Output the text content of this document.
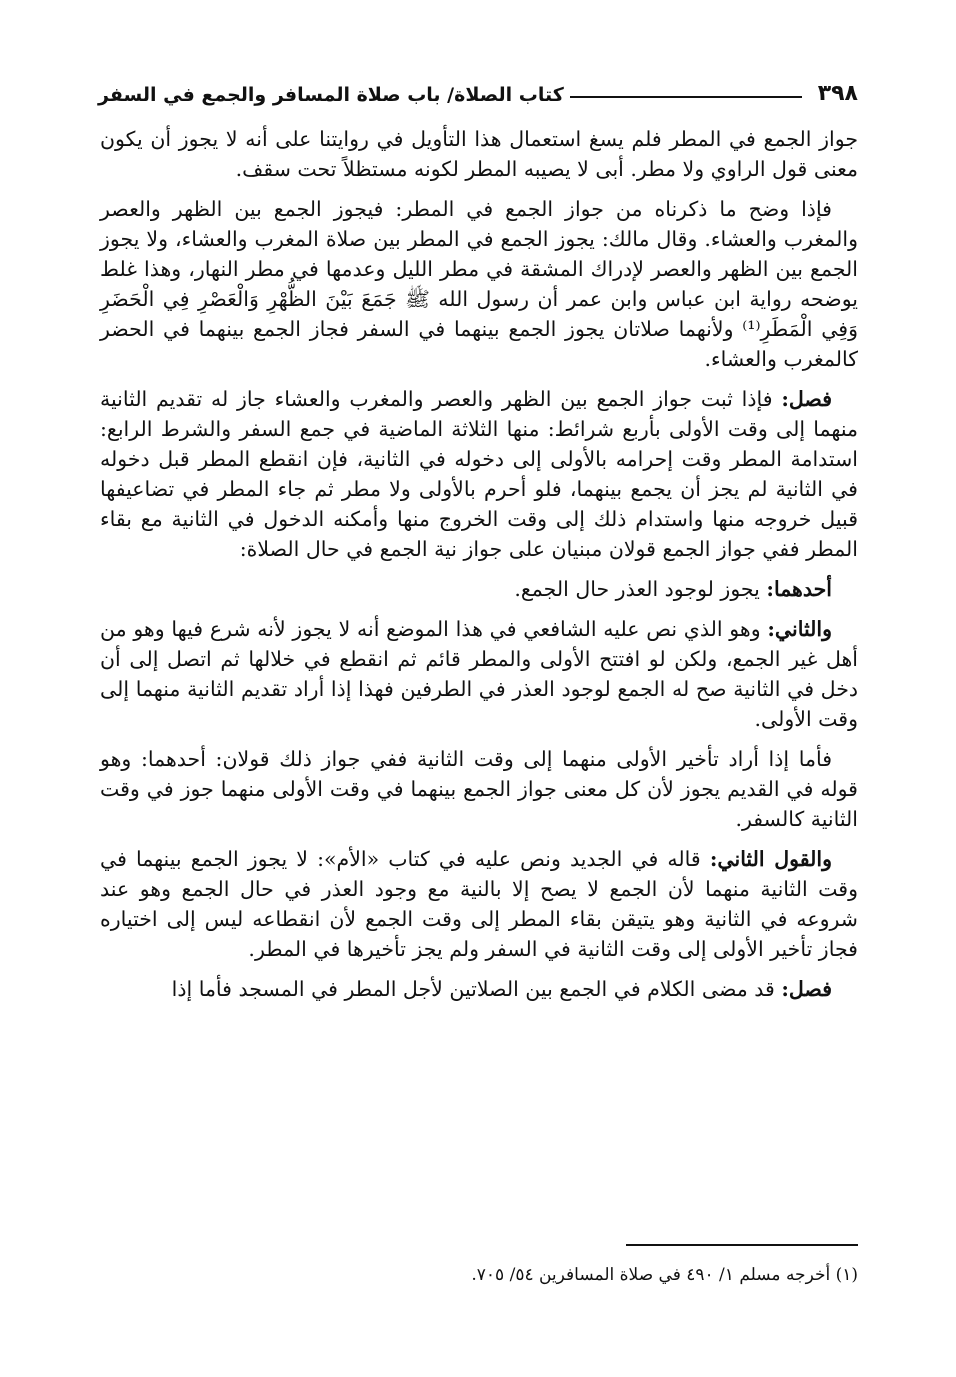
٣٩٨
كتاب الصلاة/ باب صلاة المسافر والجمع في السفر

جواز الجمع في المطر فلم يسغ استعمال هذا التأويل في روايتنا على أنه لا يجوز أن يكون معنى قول الراوي ولا مطر. أبى لا يصيبه المطر لكونه مستظلاً تحت سقف.

فإذا وضح ما ذكرناه من جواز الجمع في المطر: فيجوز الجمع بين الظهر والعصر والمغرب والعشاء. وقال مالك: يجوز الجمع في المطر بين صلاة المغرب والعشاء، ولا يجوز الجمع بين الظهر والعصر لإدراك المشقة في مطر الليل وعدمها في مطر النهار، وهذا غلط يوضحه رواية ابن عباس وابن عمر أن رسول الله ﷺ جَمَعَ بَيْنَ الظُّهْرِ وَالْعَصْرِ فِي الْحَضَرِ وَفِي الْمَطَرِ⁽¹⁾ ولأنهما صلاتان يجوز الجمع بينهما في السفر فجاز الجمع بينهما في الحضر كالمغرب والعشاء.

فصل: فإذا ثبت جواز الجمع بين الظهر والعصر والمغرب والعشاء جاز له تقديم الثانية منهما إلى وقت الأولى بأربع شرائط: منها الثلاثة الماضية في جمع السفر والشرط الرابع: استدامة المطر وقت إحرامه بالأولى إلى دخوله في الثانية، فإن انقطع المطر قبل دخوله في الثانية لم يجز أن يجمع بينهما، فلو أحرم بالأولى ولا مطر ثم جاء المطر في تضاعيفها قبيل خروجه منها واستدام ذلك إلى وقت الخروج منها وأمكنه الدخول في الثانية مع بقاء المطر ففي جواز الجمع قولان مبنيان على جواز نية الجمع في حال الصلاة:

أحدهما: يجوز لوجود العذر حال الجمع.

والثاني: وهو الذي نص عليه الشافعي في هذا الموضع أنه لا يجوز لأنه شرع فيها وهو من أهل غير الجمع، ولكن لو افتتح الأولى والمطر قائم ثم انقطع في خلالها ثم اتصل إلى أن دخل في الثانية صح له الجمع لوجود العذر في الطرفين فهذا إذا أراد تقديم الثانية منهما إلى وقت الأولى.

فأما إذا أراد تأخير الأولى منهما إلى وقت الثانية ففي جواز ذلك قولان: أحدهما: وهو قوله في القديم يجوز لأن كل معنى جواز الجمع بينهما في وقت الأولى منهما جوز في وقت الثانية كالسفر.

والقول الثاني: قاله في الجديد ونص عليه في كتاب «الأم»: لا يجوز الجمع بينهما في وقت الثانية منهما لأن الجمع لا يصح إلا بالنية مع وجود العذر في حال الجمع وهو عند شروعه في الثانية وهو يتيقن بقاء المطر إلى وقت الجمع لأن انقطاعه ليس إلى اختياره فجاز تأخير الأولى إلى وقت الثانية في السفر ولم يجز تأخيرها في المطر.

فصل: قد مضى الكلام في الجمع بين الصلاتين لأجل المطر في المسجد فأما إذا

(١) أخرجه مسلم ١/ ٤٩٠ في صلاة المسافرين ٥٤/ ٧٠٥.
